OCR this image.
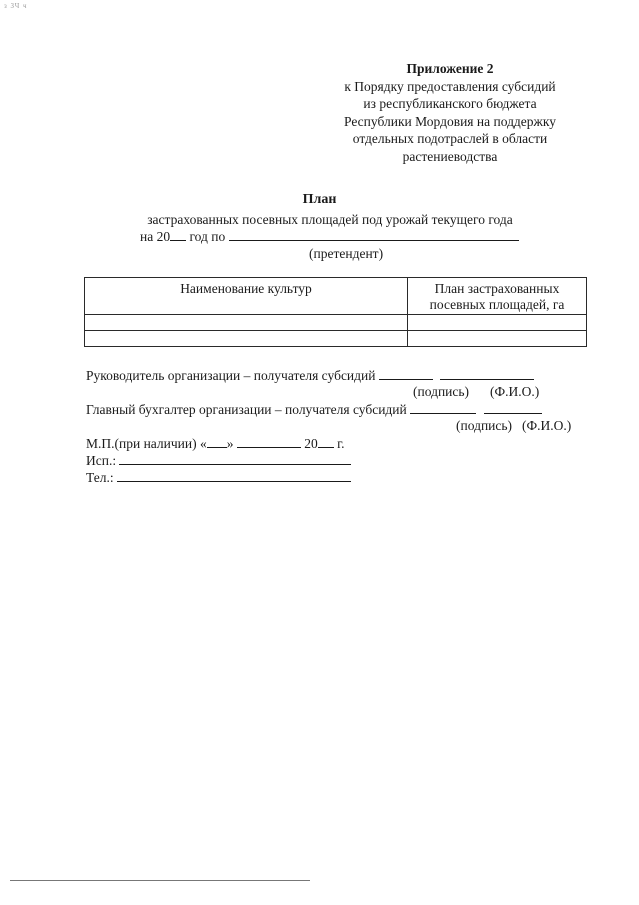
з ЗЧ ч
Приложение 2
к Порядку предоставления субсидий
из республиканского бюджета
Республики Мордовия на поддержку
отдельных подотраслей в области
растениеводства
План
застрахованных посевных площадей под урожай текущего года
на 20 год по
(претендент)
Наименование культур	План застрахованных посевных площадей, га

Руководитель организации – получателя субсидий
(подпись) (Ф.И.О.)
Главный бухгалтер организации – получателя субсидий
(подпись) (Ф.И.О.)
М.П.(при наличии) « »	20 г.
Исп.:
Тел.:
